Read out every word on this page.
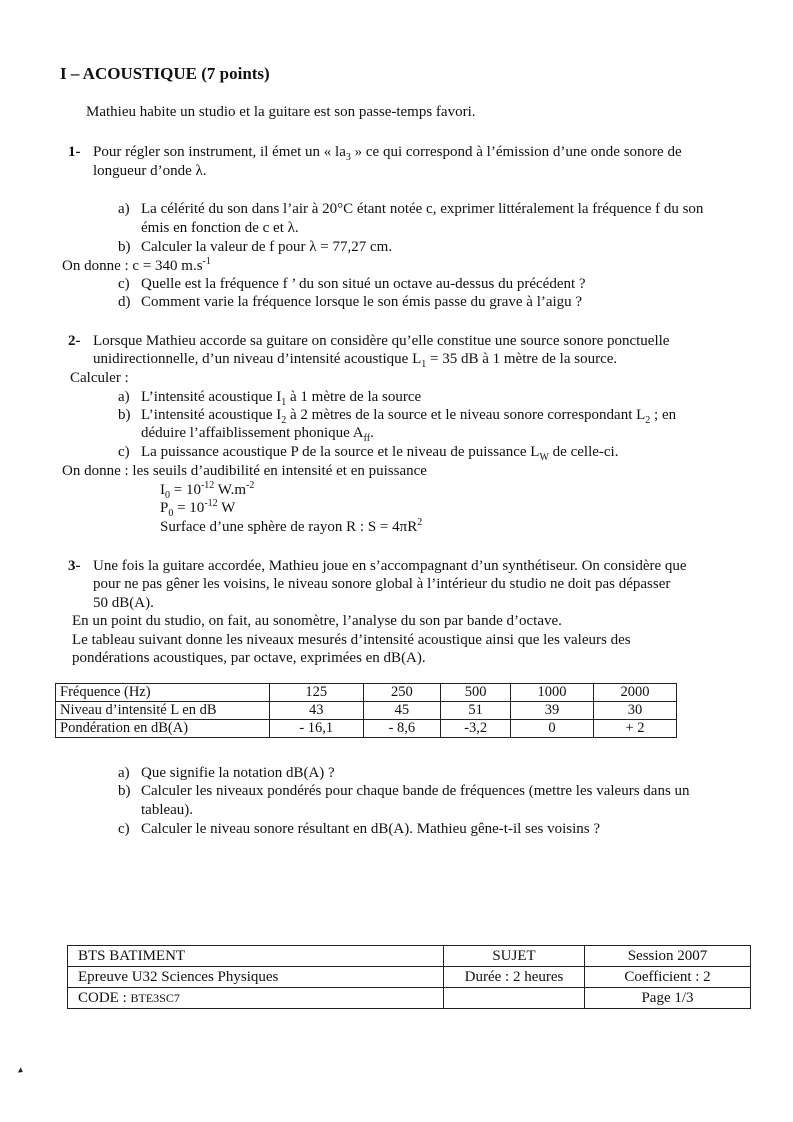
I – ACOUSTIQUE (7 points)
Mathieu habite un studio et la guitare est son passe-temps favori.
1- Pour régler son instrument, il émet un « $la_3$ » ce qui correspond à l’émission d’une onde sonore de
longueur d’onde λ.
a) La célérité du son dans l’air à 20°C étant notée c, exprimer littéralement la fréquence f du son
émis en fonction de c et λ.
b) Calculer la valeur de f pour λ = 77,27 cm.
On donne : c = 340 $m.s^{-1}$
c) Quelle est la fréquence f ’ du son situé un octave au-dessus du précédent ?
d) Comment varie la fréquence lorsque le son émis passe du grave à l’aigu ?
2- Lorsque Mathieu accorde sa guitare on considère qu’elle constitue une source sonore ponctuelle
unidirectionnelle, d’un niveau d’intensité acoustique $L_1 = 35$ dB à 1 mètre de la source.
Calculer :
a) L’intensité acoustique $I_1$ à 1 mètre de la source
b) L’intensité acoustique $I_2$ à 2 mètres de la source et le niveau sonore correspondant $L_2$ ; en
déduire l’affaiblissement phonique $A_{ff}$.
c) La puissance acoustique P de la source et le niveau de puissance $L_W$ de celle-ci.
On donne : les seuils d’audibilité en intensité et en puissance
$I_0 = 10^{-12}$ $W.m^{-2}$
$P_0 = 10^{-12}$ W
Surface d’une sphère de rayon R : $S = 4\pi R^2$
3- Une fois la guitare accordée, Mathieu joue en s’accompagnant d’un synthétiseur. On considère que
pour ne pas gêner les voisins, le niveau sonore global à l’intérieur du studio ne doit pas dépasser
50 dB(A).
En un point du studio, on fait, au sonomètre, l’analyse du son par bande d’octave.
Le tableau suivant donne les niveaux mesurés d’intensité acoustique ainsi que les valeurs des
pondérations acoustiques, par octave, exprimées en dB(A).
Fréquence (Hz)	125	250	500	1000	2000
Niveau d’intensité L en dB	43	45	51	39	30
Pondération en dB(A)	- 16,1	- 8,6	-3,2	0	+ 2
a) Que signifie la notation dB(A) ?
b) Calculer les niveaux pondérés pour chaque bande de fréquences (mettre les valeurs dans un
tableau).
c) Calculer le niveau sonore résultant en dB(A). Mathieu gêne-t-il ses voisins ?
BTS BATIMENT	SUJET	Session 2007
Epreuve U32 Sciences Physiques	Durée : 2 heures	Coefficient : 2
CODE : BTE3SC7		Page 1/3
